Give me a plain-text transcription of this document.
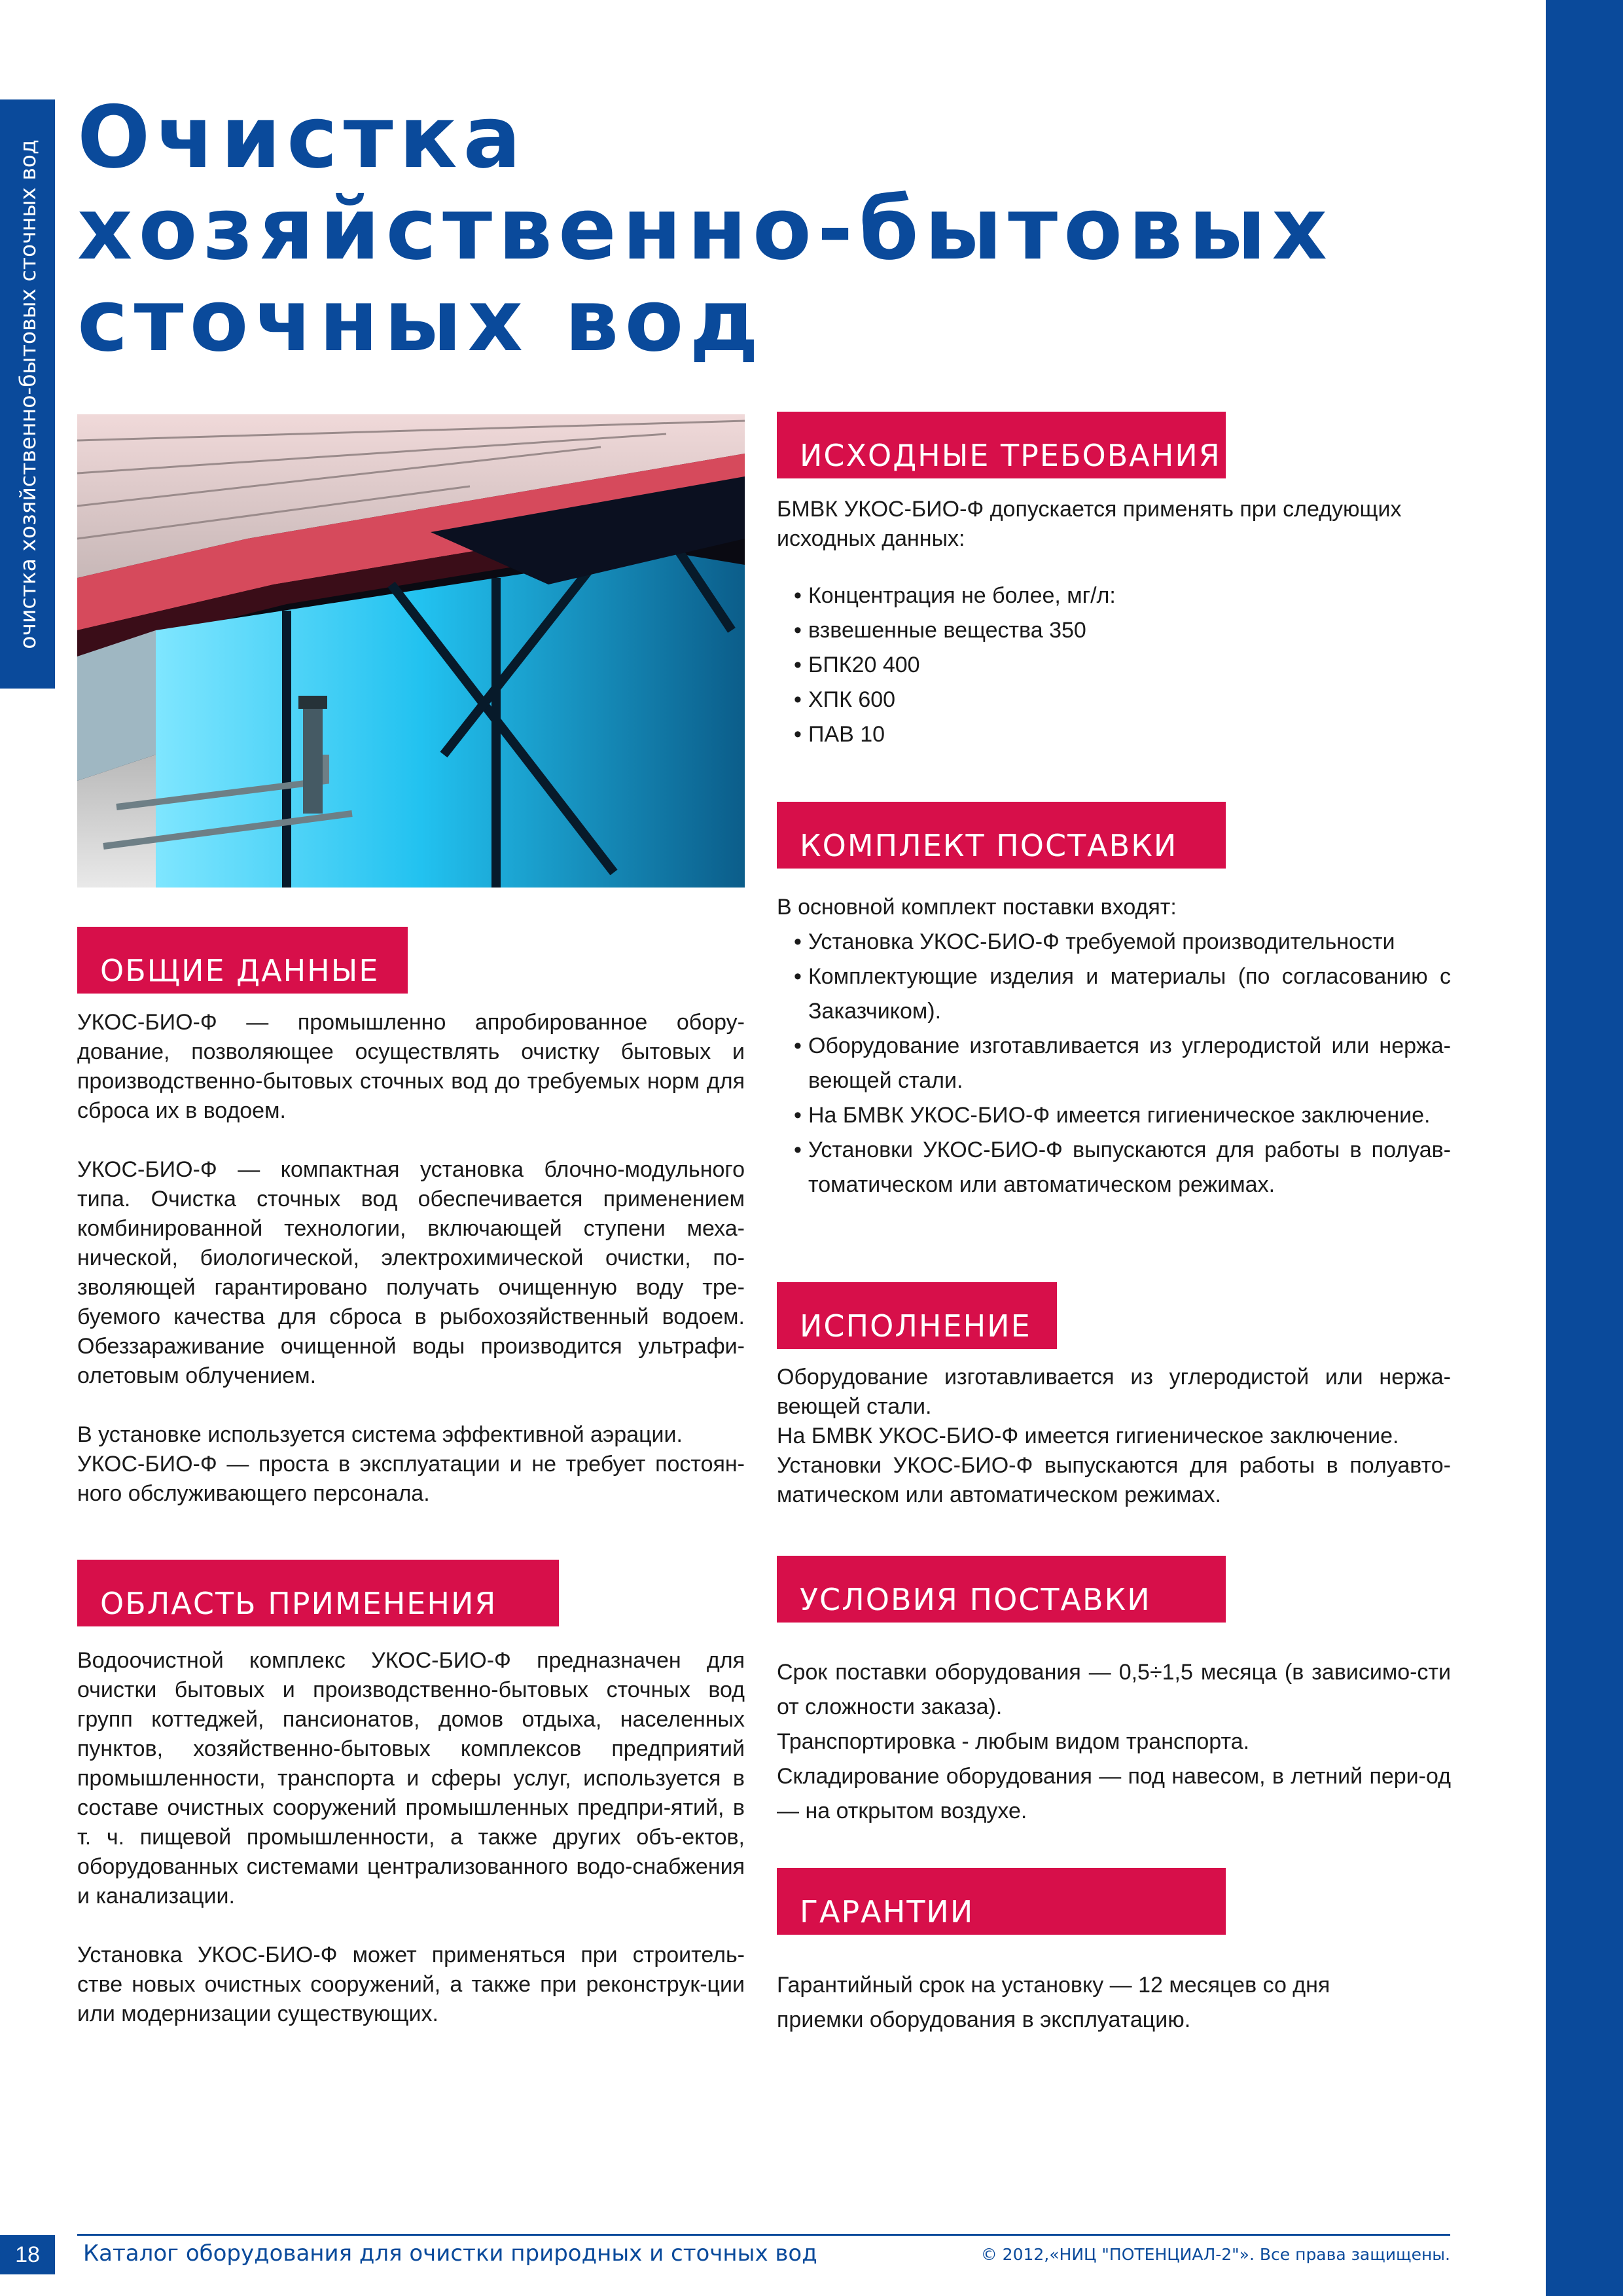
очистка хозяйственно-бытовых сточных вод
Очистка
хозяйственно-бытовых
сточных вод
ОБЩИЕ ДАННЫЕ

УКОС-БИО-Ф — промышленно апробированное обору-дование, позволяющее осуществлять очистку бытовых и производственно-бытовых сточных вод до требуемых норм для сброса их в водоем.

УКОС-БИО-Ф — компактная установка блочно-модульного типа. Очистка сточных вод обеспечивается применением комбинированной технологии, включающей ступени меха-нической, биологической, электрохимической очистки, по-зволяющей гарантировано получать очищенную воду тре-буемого качества для сброса в рыбохозяйственный водоем. Обеззараживание очищенной воды производится ультрафи-олетовым облучением.

В установке используется система эффективной аэрации.

УКОС-БИО-Ф — проста в эксплуатации и не требует постоян-ного обслуживающего персонала.

ОБЛАСТЬ ПРИМЕНЕНИЯ

Водоочистной комплекс УКОС-БИО-Ф предназначен для очистки бытовых и производственно-бытовых сточных вод групп коттеджей, пансионатов, домов отдыха, населенных пунктов, хозяйственно-бытовых комплексов предприятий промышленности, транспорта и сферы услуг, используется в составе очистных сооружений промышленных предпри-ятий, в т. ч. пищевой промышленности, а также других объ-ектов, оборудованных системами централизованного водо-снабжения и канализации.

Установка УКОС-БИО-Ф может применяться при строитель-стве новых очистных сооружений, а также при реконструк-ции или модернизации существующих.

ИСХОДНЫЕ ТРЕБОВАНИЯ

БМВК УКОС-БИО-Ф допускается применять при следующих исходных данных:

• Концентрация не более, мг/л:
• взвешенные вещества 350
• БПК20 400
• ХПК 600
• ПАВ 10
КОМПЛЕКТ ПОСТАВКИ

В основной комплект поставки входят:

• Установка УКОС-БИО-Ф требуемой производительности
• Комплектующие изделия и материалы (по согласованию с Заказчиком).
• Оборудование изготавливается из углеродистой или нержа-веющей стали.
• На БМВК УКОС-БИО-Ф имеется гигиеническое заключение.
• Установки УКОС-БИО-Ф выпускаются для работы в полуав-томатическом или автоматическом режимах.
ИСПОЛНЕНИЕ

Оборудование изготавливается из углеродистой или нержа-веющей стали.

На БМВК УКОС-БИО-Ф имеется гигиеническое заключение.

Установки УКОС-БИО-Ф выпускаются для работы в полуавто-матическом или автоматическом режимах.

УСЛОВИЯ ПОСТАВКИ

Срок поставки оборудования — 0,5÷1,5 месяца (в зависимо-сти от сложности заказа).

Транспортировка - любым видом транспорта.

Складирование оборудования — под навесом, в летний пери-од — на открытом воздухе.

ГАРАНТИИ

Гарантийный срок на установку — 12 месяцев со дня приемки оборудования в эксплуатацию.

18 Каталог оборудования для очистки природных и сточных вод	© 2012,«НИЦ "ПОТЕНЦИАЛ-2"». Все права защищены.
